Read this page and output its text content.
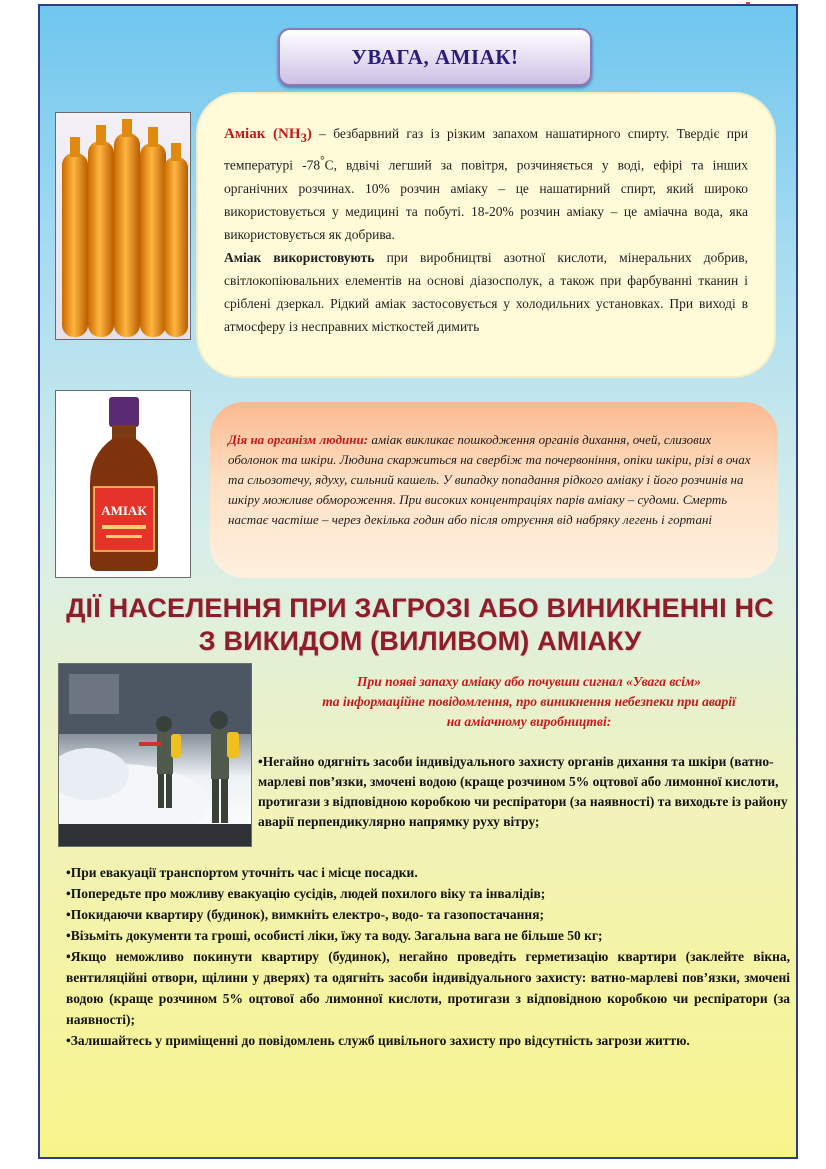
УВАГА, АМІАК!

Аміак $(NH_3)$ – безбарвний газ із різким запахом нашатирного спирту. Твердіє при температурі -78°С, вдвічі легший за повітря, розчиняється у воді, ефірі та інших органічних розчинах. 10% розчин аміаку – це нашатирний спирт, який широко використовується у медицині та побуті. 18-20% розчин аміаку – це аміачна вода, яка використовується як добрива.

Аміак використовують при виробництві азотної кислоти, мінеральних добрив, світлокопіювальних елементів на основі діазосполук, а також при фарбуванні тканин і сріблені дзеркал. Рідкий аміак застосовується у холодильних установках. При виході в атмосферу із несправних місткостей димить

АМІАК

Дія на організм людини: аміак викликає пошкодження органів дихання, очей, слизових оболонок та шкіри. Людина скаржиться на свербіж та почервоніння, опіки шкіри, різі в очах та сльозотечу, ядуху, сильний кашель. У випадку попадання рідкого аміаку і його розчинів на шкіру можливе обмороження. При високих концентраціях парів аміаку – судоми. Смерть настає частіше – через декілька годин або після отруєння від набряку легень і гортані

ДІЇ НАСЕЛЕННЯ ПРИ ЗАГРОЗІ АБО ВИНИКНЕННІ НС
З ВИКИДОМ (ВИЛИВОМ) АМІАКУ
При появі запаху аміаку або почувши сигнал «Увага всім»
та інформаційне повідомлення, про виникнення небезпеки при аварії
на аміачному виробництві:
•Негайно одягніть засоби індивідуального захисту органів дихання та шкіри (ватно-марлеві пов’язки, змочені водою (краще розчином 5% оцтової або лимонної кислоти, протигази з відповідною коробкою чи респіратори (за наявності) та виходьте із району аварії перпендикулярно напрямку руху вітру;
•При евакуації транспортом уточніть час і місце посадки.
•Попередьте про можливу евакуацію сусідів, людей похилого віку та інвалідів;
•Покидаючи квартиру (будинок), вимкніть електро-, водо- та газопостачання;
•Візьміть документи та гроші, особисті ліки, їжу та воду. Загальна вага не більше 50 кг;
•Якщо неможливо покинути квартиру (будинок), негайно проведіть герметизацію квартири (заклейте вікна, вентиляційні отвори, щілини у дверях) та одягніть засоби індивідуального захисту: ватно-марлеві пов’язки, змочені водою (краще розчином 5% оцтової або лимонної кислоти, протигази з відповідною коробкою чи респіратори (за наявності);
•Залишайтесь у приміщенні до повідомлень служб цивільного захисту про відсутність загрози життю.
